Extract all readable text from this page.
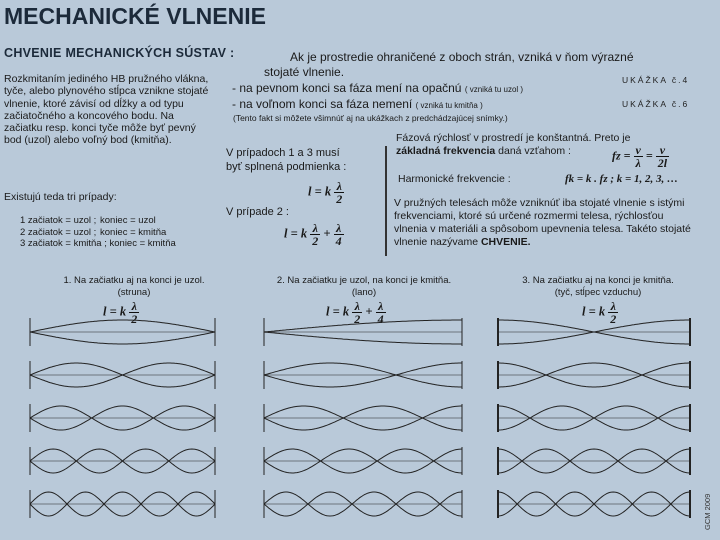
MECHANICKÉ VLNENIE
CHVENIE MECHANICKÝCH SÚSTAV :	Ak je prostredie ohraničené z oboch strán, vzniká v ňom výrazné
stojaté vlnenie.
- na pevnom konci sa fáza mení na opačnú ( vzniká tu uzol )
- na voľnom konci sa fáza nemení ( vzniká tu kmitňa )
(Tento fakt si môžete všimnúť aj na ukážkach z predchádzajúcej snímky.)
UKÁŽKA č.4
UKÁŽKA č.6
Rozkmitaním jediného HB pružného vlákna, tyče, alebo plynového stĺpca vznikne stojaté vlnenie, ktoré závisí od dĺžky a od typu začiatočného a koncového bodu. Na začiatku resp. konci tyče môže byť pevný bod (uzol) alebo voľný bod (kmitňa).
Existujú teda tri prípady:
1 začiatok = uzol ; koniec = uzol
2 začiatok = uzol ; koniec = kmitňa
3 začiatok = kmitňa ; koniec = kmitňa
V prípadoch 1 a 3 musí
byť splnená podmienka :
l = k $\frac{\lambda}{2}$
V prípade 2 :
l = k $\frac{\lambda}{2} + \frac{\lambda}{4}$
Fázová rýchlosť v prostredí je konštantná. Preto je
základná frekvencia daná vzťahom :	fz = $\frac{v}{\lambda} = \frac{v}{2l}$
Harmonické frekvencie :	fk = k . fz ; k = 1, 2, 3, …
V pružných telesách môže vzniknúť iba stojaté vlnenie s istými frekvenciami, ktoré sú určené rozmermi telesa, rýchlosťou vlnenia v materiáli a spôsobom upevnenia telesa. Takéto stojaté vlnenie nazývame CHVENIE.
1. Na začiatku aj na konci je uzol.
(struna)
2. Na začiatku je uzol, na konci je kmitňa.
(lano)
3. Na začiatku aj na konci je kmitňa.
(tyč, stĺpec vzduchu)
l = k $\frac{\lambda}{2}$	l = k $\frac{\lambda}{2} + \frac{\lambda}{4}$	l = k $\frac{\lambda}{2}$
GCM 2009
